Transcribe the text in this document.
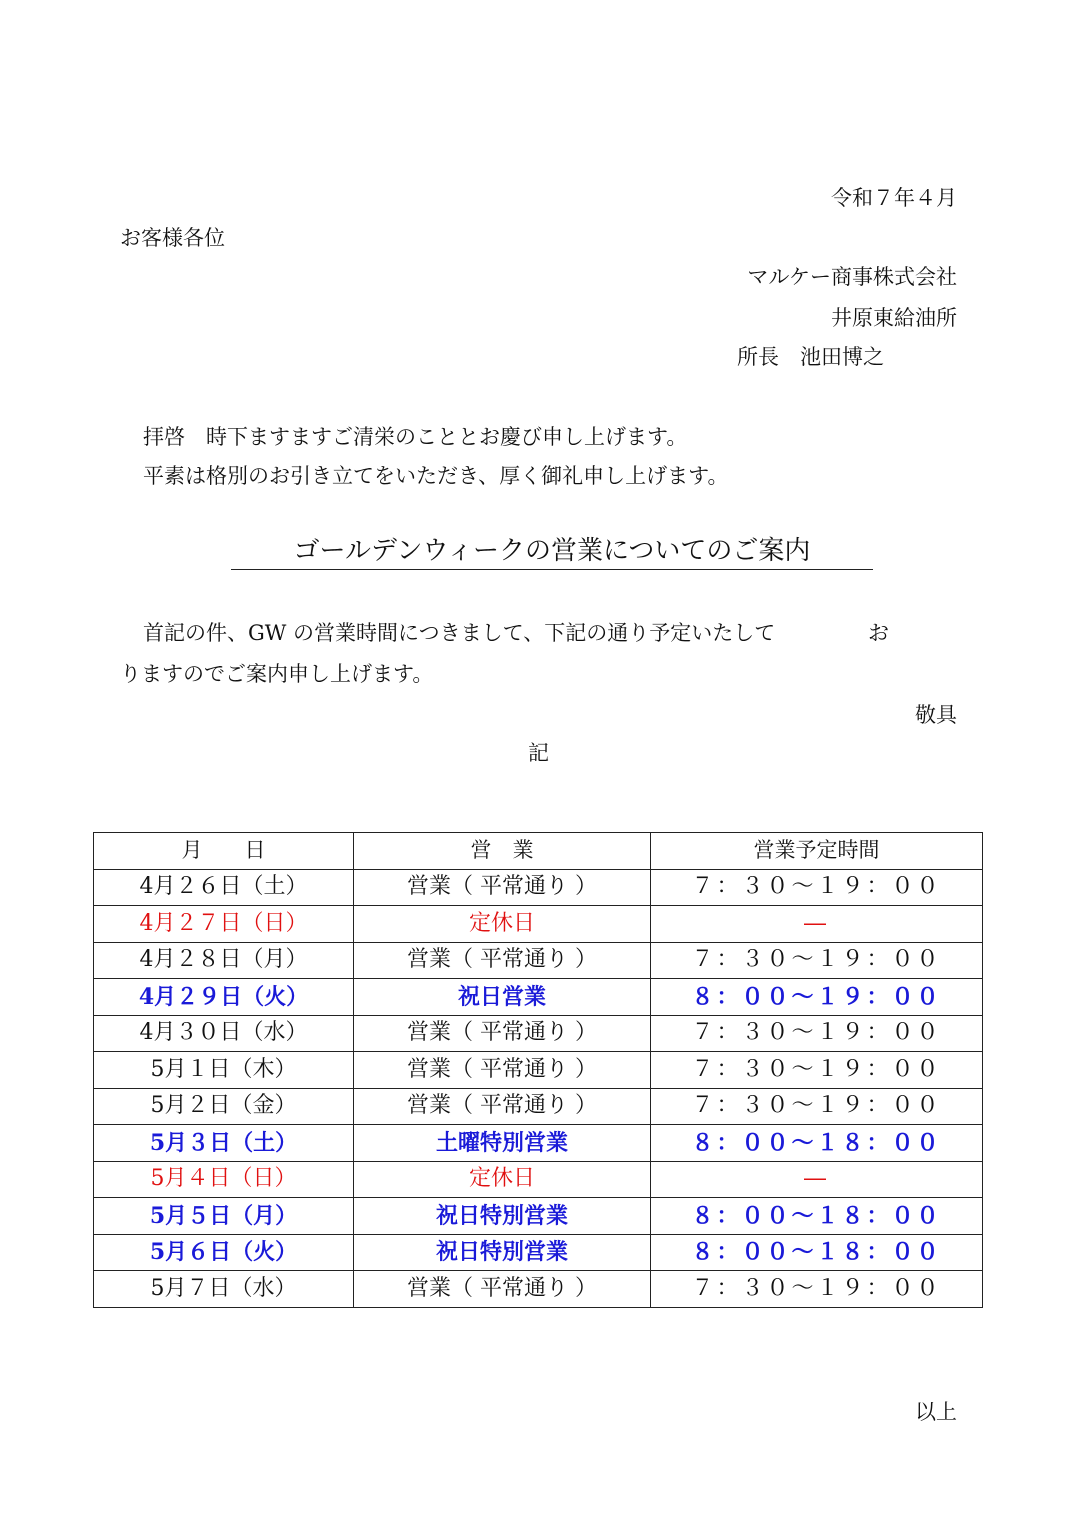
令和７年４月
お客様各位
マルケー商事株式会社
井原東給油所
所長　池田博之
拝啓　時下ますますご清栄のこととお慶び申し上げます。
平素は格別のお引き立てをいただき、厚く御礼申し上げます。
ゴールデンウィークの営業についてのご案内
首記の件、GW の営業時間につきまして、下記の通り予定いたして	お
りますのでご案内申し上げます。
敬具
記
月　　日	営　業	営業予定時間
4月２６日（土）	営業（ 平常通り ）	７：３０～１９：００
4月２７日（日）	定休日	―
4月２８日（月）	営業（ 平常通り ）	７：３０～１９：００
4月２９日（火）	祝日営業	８：００～１９：００
4月３０日（水）	営業（ 平常通り ）	７：３０～１９：００
5月１日（木）	営業（ 平常通り ）	７：３０～１９：００
5月２日（金）	営業（ 平常通り ）	７：３０～１９：００
5月３日（土）	土曜特別営業	８：００～１８：００
5月４日（日）	定休日	―
5月５日（月）	祝日特別営業	８：００～１８：００
5月６日（火）	祝日特別営業	８：００～１８：００
5月７日（水）	営業（ 平常通り ）	７：３０～１９：００
以上
